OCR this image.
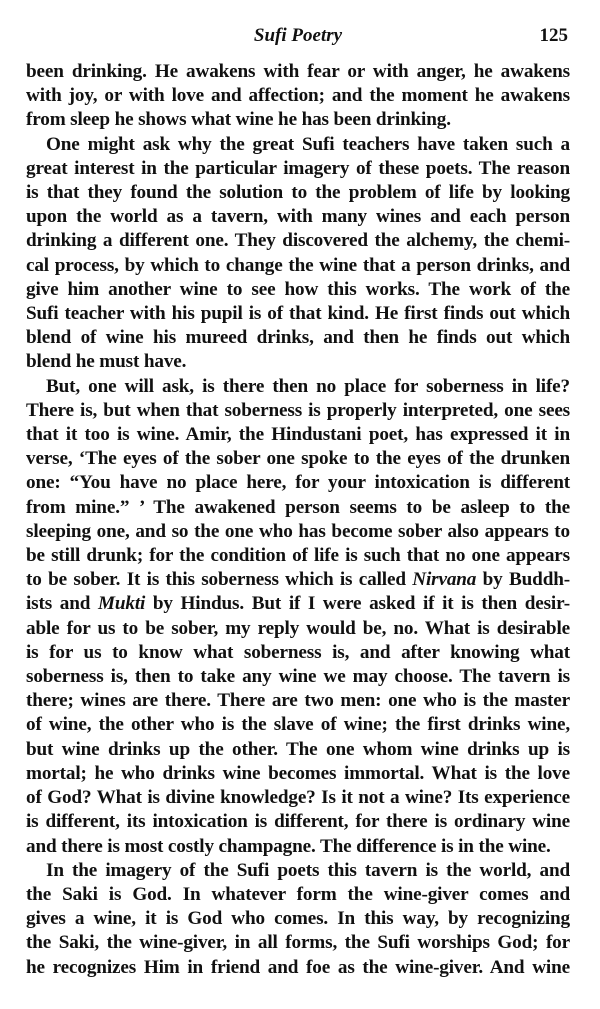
Sufi Poetry	125

been drinking. He awakens with fear or with anger, he awakens
with joy, or with love and affection; and the moment he awakens
from sleep he shows what wine he has been drinking.

One might ask why the great Sufi teachers have taken such a
great interest in the particular imagery of these poets. The reason
is that they found the solution to the problem of life by looking
upon the world as a tavern, with many wines and each person
drinking a different one. They discovered the alchemy, the chemi-
cal process, by which to change the wine that a person drinks, and
give him another wine to see how this works. The work of the
Sufi teacher with his pupil is of that kind. He first finds out which
blend of wine his mureed drinks, and then he finds out which
blend he must have.

But, one will ask, is there then no place for soberness in life?
There is, but when that soberness is properly interpreted, one sees
that it too is wine. Amir, the Hindustani poet, has expressed it in
verse, ‘The eyes of the sober one spoke to the eyes of the drunken
one: “You have no place here, for your intoxication is different
from mine.” ’ The awakened person seems to be asleep to the
sleeping one, and so the one who has become sober also appears to
be still drunk; for the condition of life is such that no one appears
to be sober. It is this soberness which is called Nirvana by Buddh-
ists and Mukti by Hindus. But if I were asked if it is then desir-
able for us to be sober, my reply would be, no. What is desirable
is for us to know what soberness is, and after knowing what
soberness is, then to take any wine we may choose. The tavern is
there; wines are there. There are two men: one who is the master
of wine, the other who is the slave of wine; the first drinks wine,
but wine drinks up the other. The one whom wine drinks up is
mortal; he who drinks wine becomes immortal. What is the love
of God? What is divine knowledge? Is it not a wine? Its experience
is different, its intoxication is different, for there is ordinary wine
and there is most costly champagne. The difference is in the wine.

In the imagery of the Sufi poets this tavern is the world, and
the Saki is God. In whatever form the wine-giver comes and
gives a wine, it is God who comes. In this way, by recognizing
the Saki, the wine-giver, in all forms, the Sufi worships God; for
he recognizes Him in friend and foe as the wine-giver. And wine
